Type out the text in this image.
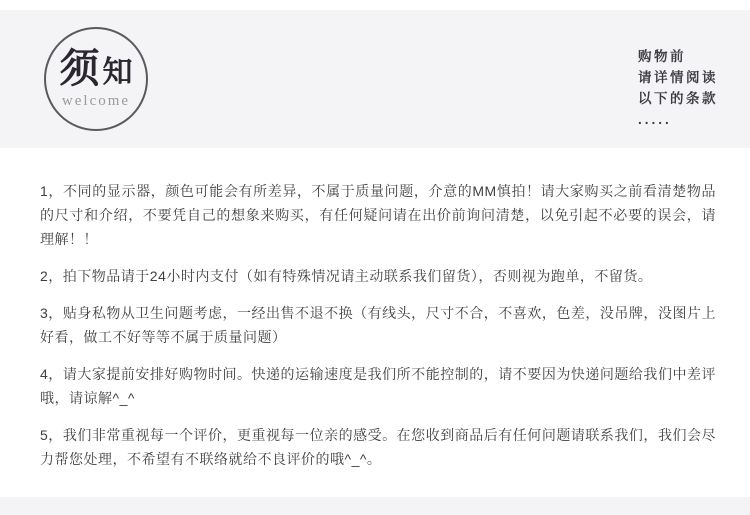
须知
welcome
购物前
请详情阅读
以下的条款
.....

1，不同的显示器，颜色可能会有所差异，不属于质量问题，介意的MM慎拍！请大家购买之前看清楚物品的尺寸和介绍，不要凭自己的想象来购买，有任何疑问请在出价前询问清楚，以免引起不必要的误会，请理解！！

2，拍下物品请于24小时内支付（如有特殊情况请主动联系我们留货），否则视为跑单，不留货。

3，贴身私物从卫生问题考虑，一经出售不退不换（有线头，尺寸不合，不喜欢，色差，没吊牌，没图片上好看，做工不好等等不属于质量问题）

4，请大家提前安排好购物时间。快递的运输速度是我们所不能控制的，请不要因为快递问题给我们中差评哦，请谅解^_^

5，我们非常重视每一个评价，更重视每一位亲的感受。在您收到商品后有任何问题请联系我们，我们会尽力帮您处理，不希望有不联络就给不良评价的哦^_^。
